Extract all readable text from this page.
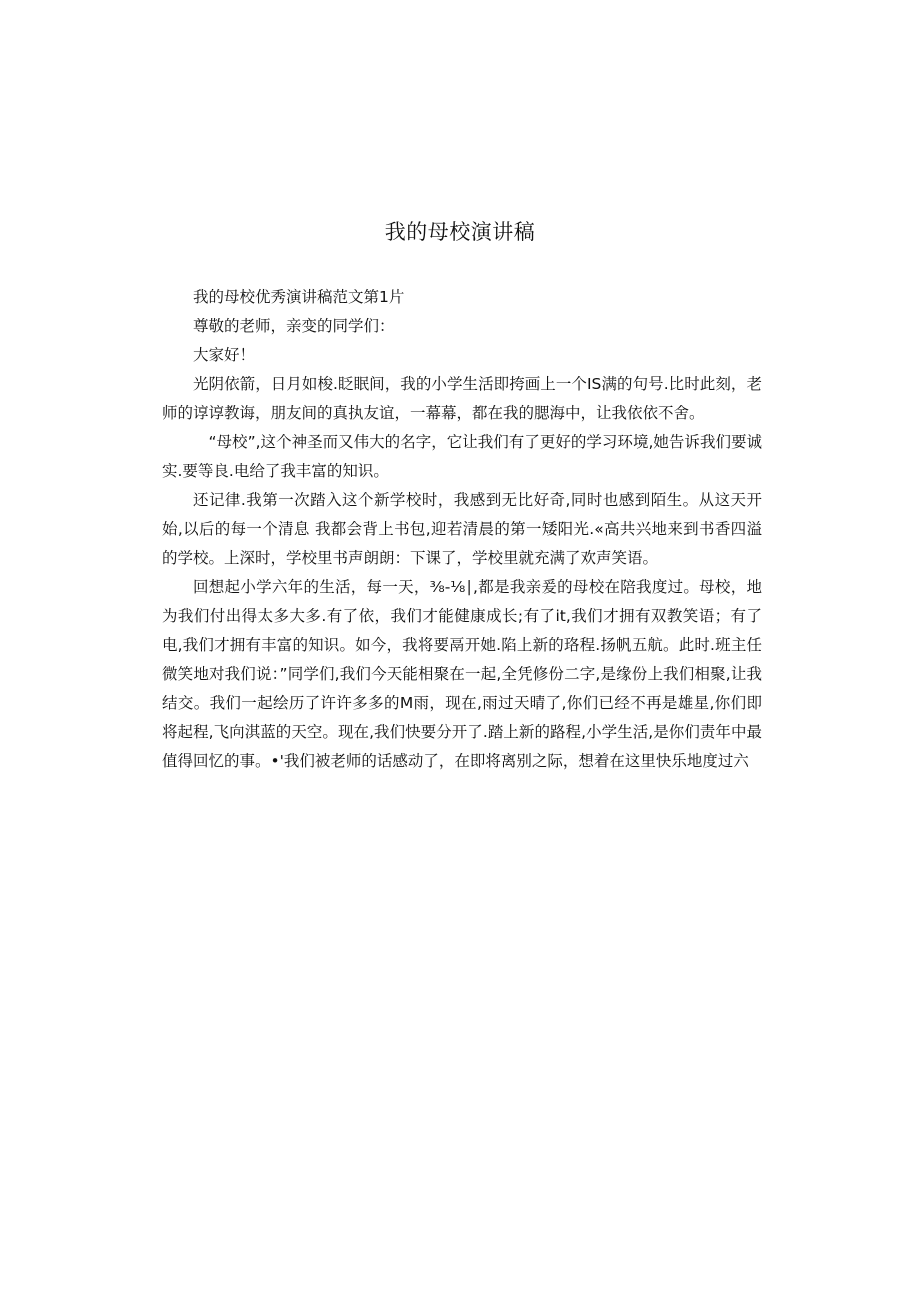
我的母校演讲稿

我的母校优秀演讲稿范文第1片

尊敬的老师，亲变的同学们：

大家好！

光阴依箭，日月如梭.眨眠间，我的小学生活即挎画上一个IS满的句号.比时此刻，老师的谆谆教诲，朋友间的真执友谊，一幕幕，都在我的腮海中，让我依依不舍。

“母校”,这个神圣而又伟大的名字，它让我们有了更好的学习环境,她告诉我们要诚实.要等良.电给了我丰富的知识。

还记律.我第一次踏入这个新学校时，我感到无比好奇,同时也感到陌生。从这天开始,以后的每一个清息 我都会背上书包,迎若清晨的第一矮阳光.«高共兴地来到书香四溢的学校。上深时，学校里书声朗朗：下课了，学校里就充满了欢声笑语。

回想起小学六年的生活，每一天，⅜-⅛∣,都是我亲爰的母校在陪我度过。母校，地为我们付出得太多大多.有了依，我们才能健康成长;有了it,我们才拥有双教笑语；有了电,我们才拥有丰富的知识。如今，我将要鬲开她.陷上新的珞程.扬帆五航。此时.班主任微笑地对我们说：”同学们,我们今天能相聚在一起,全凭修份二字,是缘份上我们相聚,让我结交。我们一起绘历了许许多多的M雨，现在,雨过天晴了,你们已经不再是雄星,你们即将起程,飞向淇蓝的天空。现在,我们快要分开了.踏上新的路程,小学生活,是你们责年中最值得回忆的事。•'我们被老师的话感动了，在即将离别之际，想着在这里快乐地度过六
